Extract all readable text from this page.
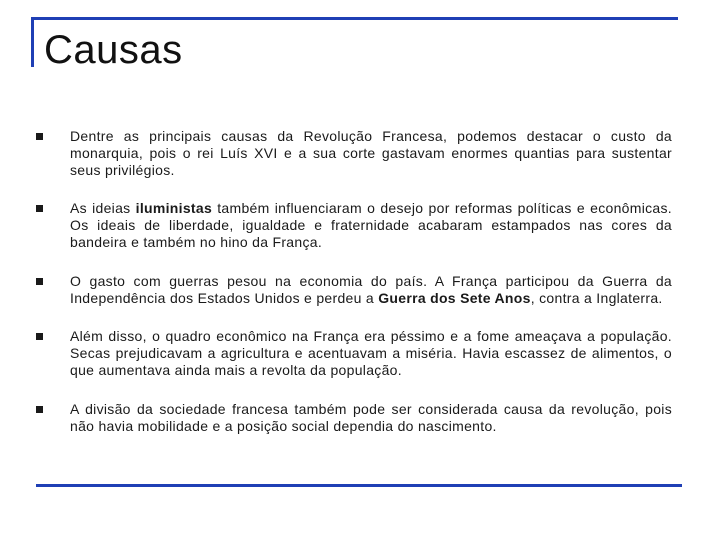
Causas
Dentre as principais causas da Revolução Francesa, podemos destacar o custo da monarquia, pois o rei Luís XVI e a sua corte gastavam enormes quantias para sustentar seus privilégios.
As ideias iluministas também influenciaram o desejo por reformas políticas e econômicas. Os ideais de liberdade, igualdade e fraternidade acabaram estampados nas cores da bandeira e também no hino da França.
O gasto com guerras pesou na economia do país. A França participou da Guerra da Independência dos Estados Unidos e perdeu a Guerra dos Sete Anos, contra a Inglaterra.
Além disso, o quadro econômico na França era péssimo e a fome ameaçava a população. Secas prejudicavam a agricultura e acentuavam a miséria. Havia escassez de alimentos, o que aumentava ainda mais a revolta da população.
A divisão da sociedade francesa também pode ser considerada causa da revolução, pois não havia mobilidade e a posição social dependia do nascimento.
